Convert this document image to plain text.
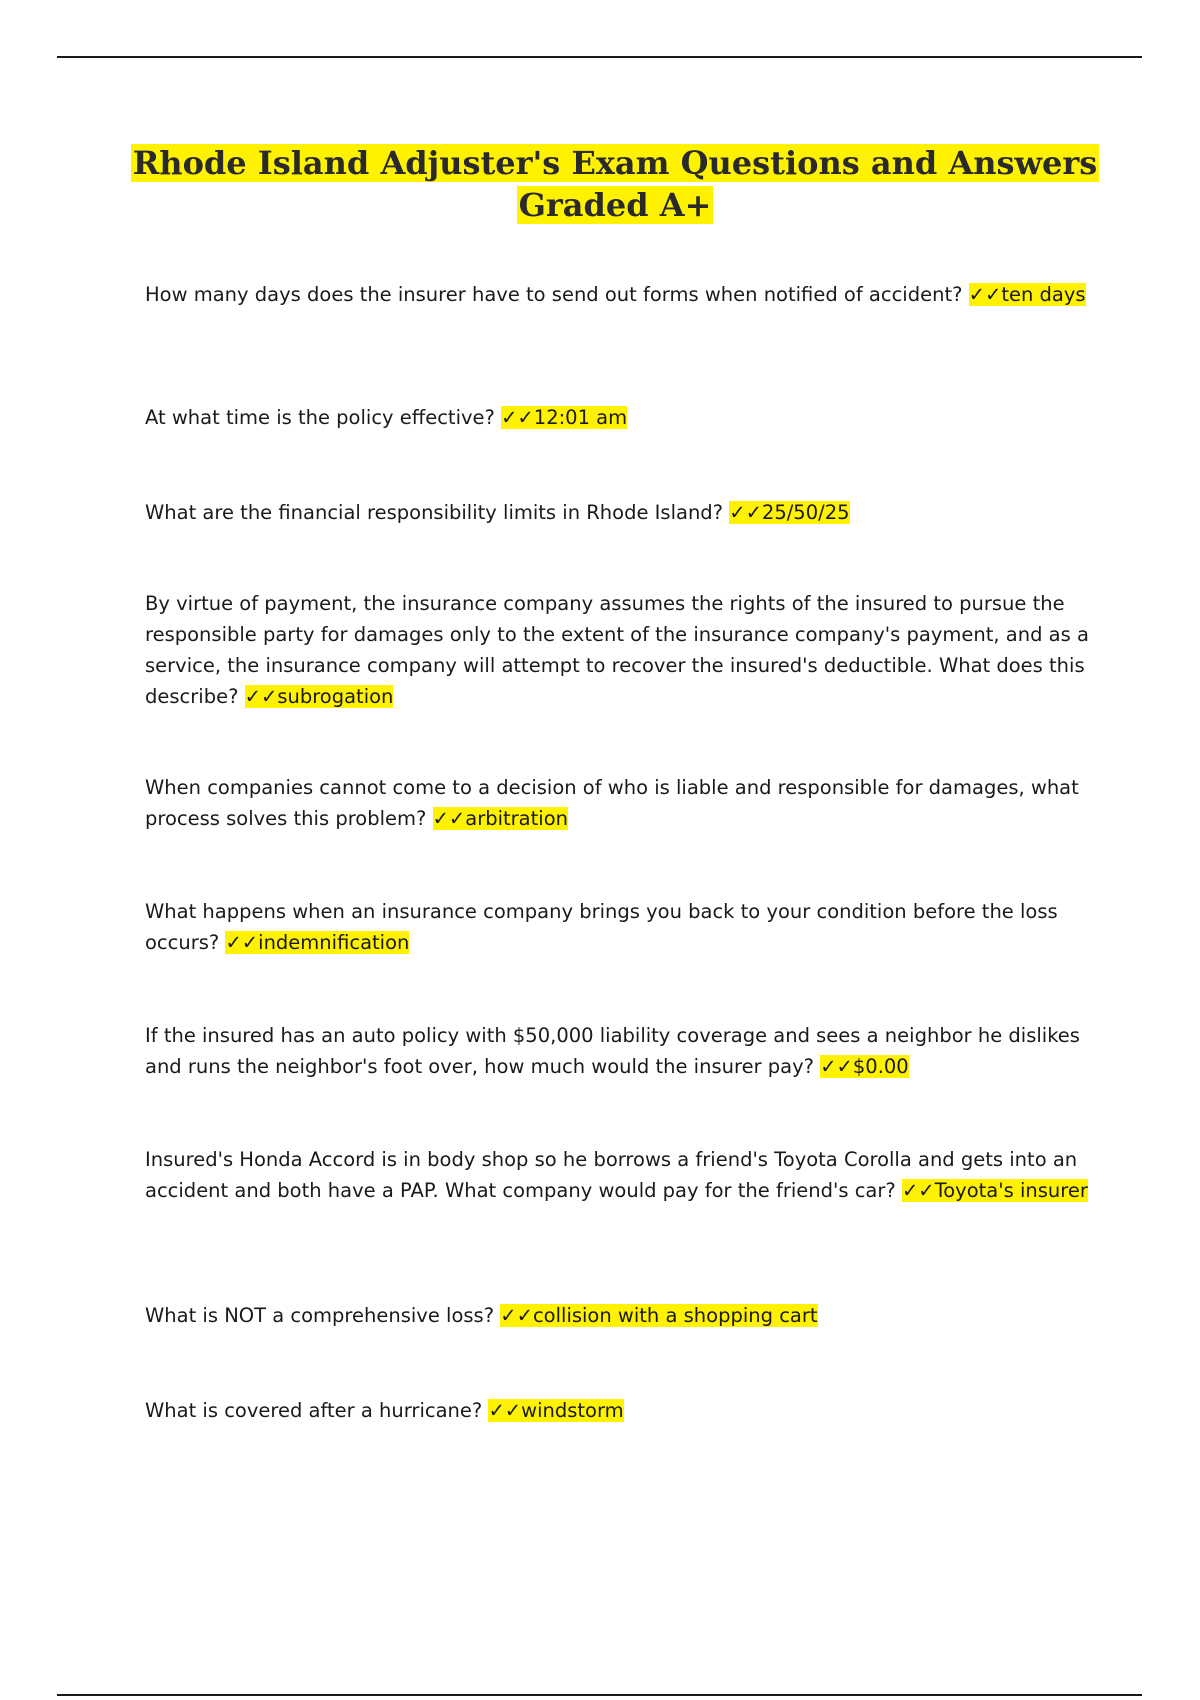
Rhode Island Adjuster's Exam Questions and Answers
Graded A+

How many days does the insurer have to send out forms when notified of accident? ✓✓ten days

At what time is the policy effective? ✓✓12:01 am

What are the financial responsibility limits in Rhode Island? ✓✓25/50/25

By virtue of payment, the insurance company assumes the rights of the insured to pursue the responsible party for damages only to the extent of the insurance company's payment, and as a service, the insurance company will attempt to recover the insured's deductible. What does this describe? ✓✓subrogation

When companies cannot come to a decision of who is liable and responsible for damages, what process solves this problem? ✓✓arbitration

What happens when an insurance company brings you back to your condition before the loss occurs? ✓✓indemnification

If the insured has an auto policy with $50,000 liability coverage and sees a neighbor he dislikes and runs the neighbor's foot over, how much would the insurer pay? ✓✓$0.00

Insured's Honda Accord is in body shop so he borrows a friend's Toyota Corolla and gets into an accident and both have a PAP. What company would pay for the friend's car? ✓✓Toyota's insurer

What is NOT a comprehensive loss? ✓✓collision with a shopping cart

What is covered after a hurricane? ✓✓windstorm
